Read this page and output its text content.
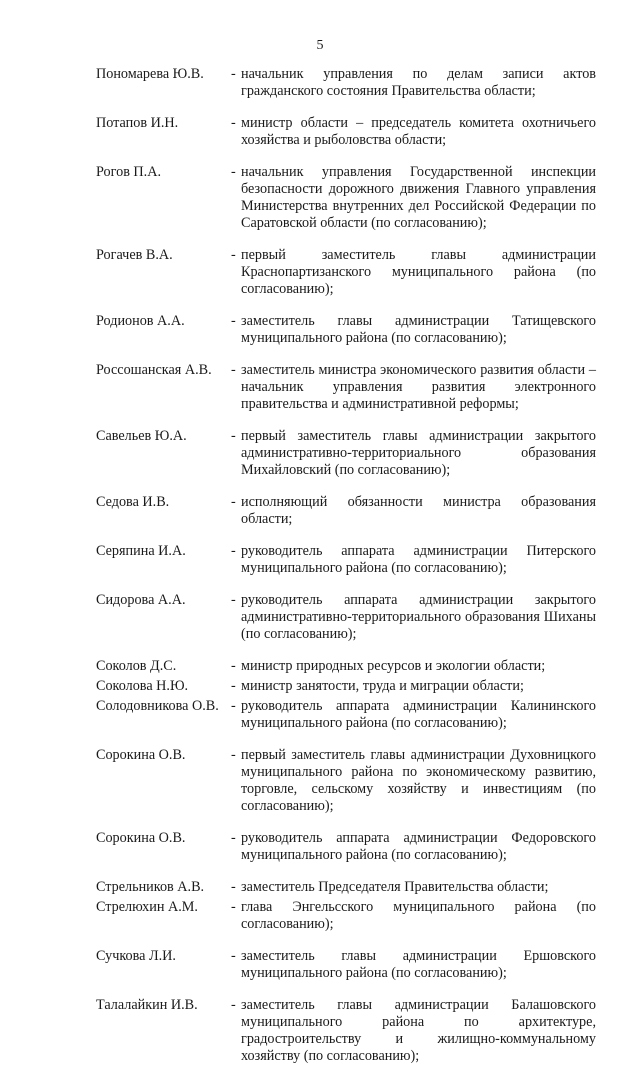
5
Пономарева Ю.В.	- начальник управления по делам записи актов гражданского состояния Правительства области;
Потапов И.Н.	- министр области – председатель комитета охотничьего хозяйства и рыболовства области;
Рогов П.А.	- начальник управления Государственной инспекции безопасности дорожного движения Главного управления Министерства внутренних дел Российской Федерации по Саратовской области (по согласованию);
Рогачев В.А.	- первый заместитель главы администрации Краснопартизанского муниципального района (по согласованию);
Родионов А.А.	- заместитель главы администрации Татищевского муниципального района (по согласованию);
Россошанская А.В.	- заместитель министра экономического развития области – начальник управления развития электронного правительства и административной реформы;
Савельев Ю.А.	- первый заместитель главы администрации закрытого административно-территориального образования Михайловский (по согласованию);
Седова И.В.	- исполняющий обязанности министра образования области;
Серяпина И.А.	- руководитель аппарата администрации Питерского муниципального района (по согласованию);
Сидорова А.А.	- руководитель аппарата администрации закрытого административно-территориального образования Шиханы (по согласованию);
Соколов Д.С.	- министр природных ресурсов и экологии области;
Соколова Н.Ю.	- министр занятости, труда и миграции области;
Солодовникова О.В. - руководитель аппарата администрации Калининского муниципального района (по согласованию);
Сорокина О.В.	- первый заместитель главы администрации Духовницкого муниципального района по экономическому развитию, торговле, сельскому хозяйству и инвестициям (по согласованию);
Сорокина О.В.	- руководитель аппарата администрации Федоровского муниципального района (по согласованию);
Стрельников А.В.	- заместитель Председателя Правительства области;
Стрелюхин А.М.	- глава Энгельсского муниципального района (по согласованию);
Сучкова Л.И.	- заместитель главы администрации Ершовского муниципального района (по согласованию);
Талалайкин И.В.	- заместитель главы администрации Балашовского муниципального района по архитектуре, градостроительству и жилищно-коммунальному хозяйству (по согласованию);
